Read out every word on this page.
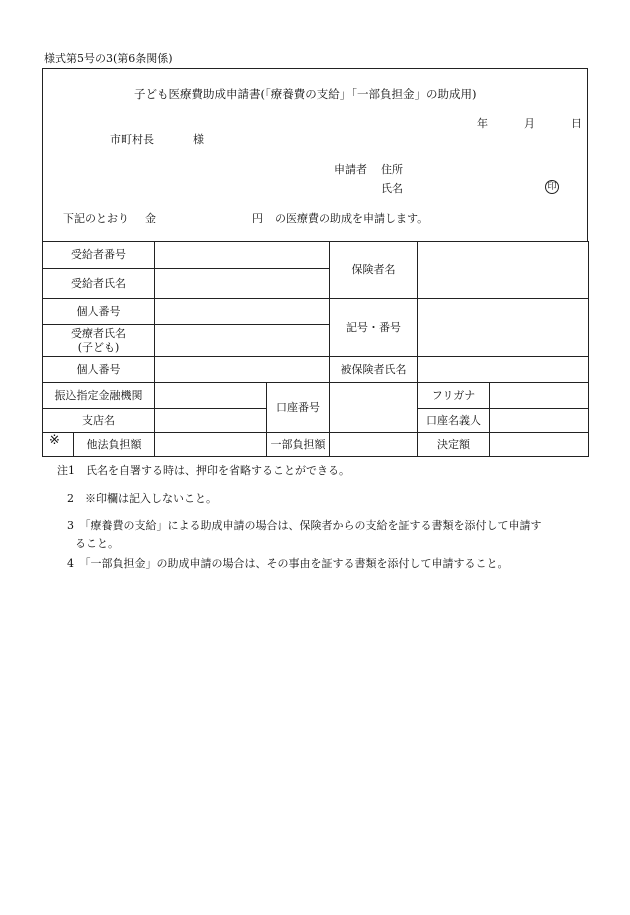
様式第5号の3(第6条関係)
子ども医療費助成申請書(「療養費の支給」「一部負担金」の助成用)
年	月	日
市町村長	様
申請者 住所
氏名	印
下記のとおり 金	円 の医療費の助成を申請します。
受給者番号				保険者名		
受給者氏名						
個人番号				記号・番号		

受療者氏名
(子ども)						

個人番号				被保険者氏名		
振込指定金融機関			口座番号		フリガナ	
支店名					口座名義人	
※	他法負担額		一部負担額		決定額	
注1　氏名を自署する時は、押印を省略することができる。
2　※印欄は記入しないこと。
3　「療養費の支給」による助成申請の場合は、保険者からの支給を証する書類を添付して申請す
ること。
4　「一部負担金」の助成申請の場合は、その事由を証する書類を添付して申請すること。
